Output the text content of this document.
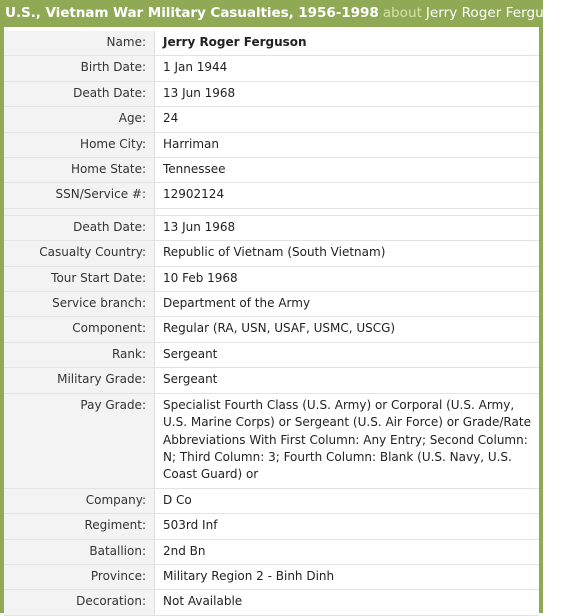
U.S., Vietnam War Military Casualties, 1956-1998 about Jerry Roger Ferguson
Name:	Jerry Roger Ferguson
Birth Date:	1 Jan 1944
Death Date:	13 Jun 1968
Age:	24
Home City:	Harriman
Home State:	Tennessee
SSN/Service #:	12902124

Death Date:	13 Jun 1968
Casualty Country:	Republic of Vietnam (South Vietnam)
Tour Start Date:	10 Feb 1968
Service branch:	Department of the Army
Component:	Regular (RA, USN, USAF, USMC, USCG)
Rank:	Sergeant
Military Grade:	Sergeant
Pay Grade:	Specialist Fourth Class (U.S. Army) or Corporal (U.S. Army, U.S. Marine Corps) or Sergeant (U.S. Air Force) or Grade/Rate Abbreviations With First Column: Any Entry; Second Column: N; Third Column: 3; Fourth Column: Blank (U.S. Navy, U.S. Coast Guard) or
Company:	D Co
Regiment:	503rd Inf
Batallion:	2nd Bn
Province:	Military Region 2 - Binh Dinh
Decoration:	Not Available
